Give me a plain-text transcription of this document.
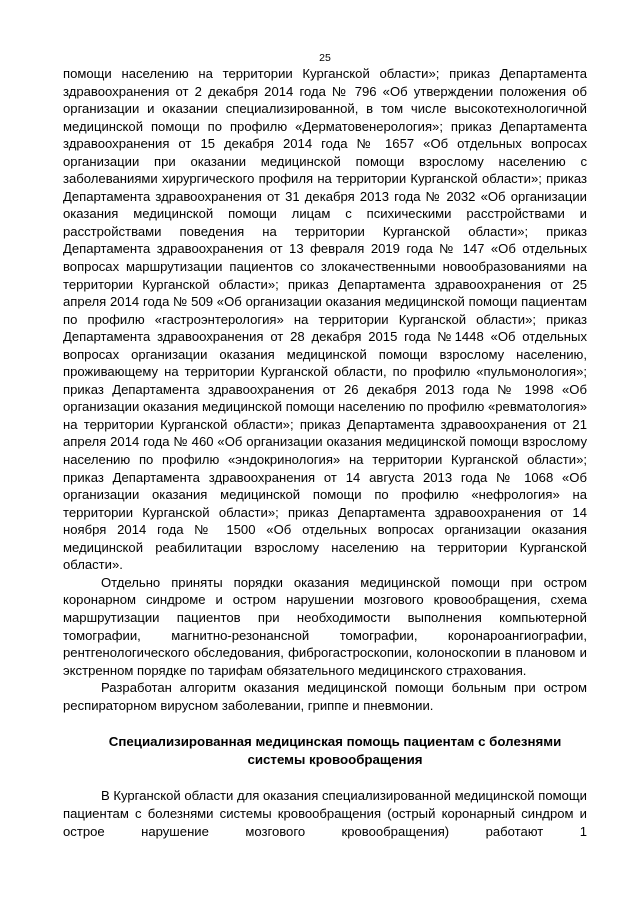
25

помощи населению на территории Курганской области»; приказ Департамента здравоохранения от 2 декабря 2014 года № 796 «Об утверждении положения об организации и оказании специализированной, в том числе высокотехнологичной медицинской помощи по профилю «Дерматовенерология»; приказ Департамента здравоохранения от 15 декабря 2014 года № 1657 «Об отдельных вопросах организации при оказании медицинской помощи взрослому населению с заболеваниями хирургического профиля на территории Курганской области»; приказ Департамента здравоохранения от 31 декабря 2013 года № 2032 «Об организации оказания медицинской помощи лицам с психическими расстройствами и расстройствами поведения на территории Курганской области»; приказ Департамента здравоохранения от 13 февраля 2019 года № 147 «Об отдельных вопросах маршрутизации пациентов со злокачественными новообразованиями на территории Курганской области»; приказ Департамента здравоохранения от 25 апреля 2014 года № 509 «Об организации оказания медицинской помощи пациентам по профилю «гастроэнтерология» на территории Курганской области»; приказ Департамента здравоохранения от 28 декабря 2015 года №1448 «Об отдельных вопросах организации оказания медицинской помощи взрослому населению, проживающему на территории Курганской области, по профилю «пульмонология»; приказ Департамента здравоохранения от 26 декабря 2013 года № 1998 «Об организации оказания медицинской помощи населению по профилю «ревматология» на территории Курганской области»; приказ Департамента здравоохранения от 21 апреля 2014 года № 460 «Об организации оказания медицинской помощи взрослому населению по профилю «эндокринология» на территории Курганской области»; приказ Департамента здравоохранения от 14 августа 2013 года № 1068 «Об организации оказания медицинской помощи по профилю «нефрология» на территории Курганской области»; приказ Департамента здравоохранения от 14 ноября 2014 года № 1500 «Об отдельных вопросах организации оказания медицинской реабилитации взрослому населению на территории Курганской области».

Отдельно приняты порядки оказания медицинской помощи при остром коронарном синдроме и остром нарушении мозгового кровообращения, схема маршрутизации пациентов при необходимости выполнения компьютерной томографии, магнитно-резонансной томографии, коронароангиографии, рентгенологического обследования, фиброгастроскопии, колоноскопии в плановом и экстренном порядке по тарифам обязательного медицинского страхования.

Разработан алгоритм оказания медицинской помощи больным при остром респираторном вирусном заболевании, гриппе и пневмонии.

Специализированная медицинская помощь пациентам с болезнями системы кровообращения

В Курганской области для оказания специализированной медицинской помощи пациентам с болезнями системы кровообращения (острый коронарный синдром и острое нарушение мозгового кровообращения) работают 1
